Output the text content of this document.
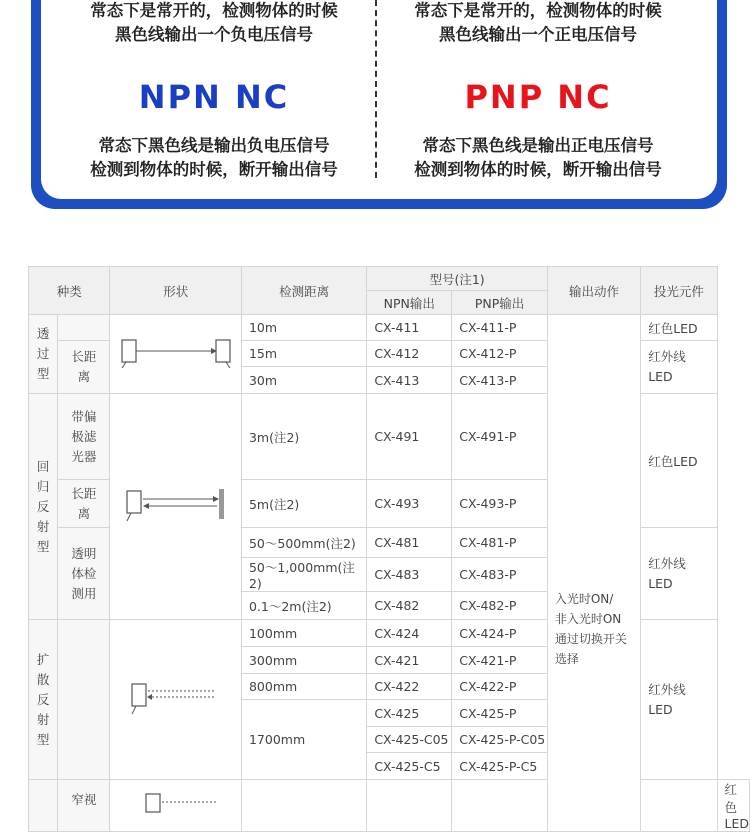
常态下是常开的，检测物体的时候
黑色线输出一个负电压信号
NPN NC
常态下黑色线是输出负电压信号
检测到物体的时候，断开输出信号
常态下是常开的，检测物体的时候
黑色线输出一个正电压信号
PNP NC
常态下黑色线是输出正电压信号
检测到物体的时候，断开输出信号
种类		形状	检测距离	型号(注1)		输出动作	投光元件	
				NPN输出	PNP输出			

透过型			10m	CX-411	CX-411-P	入光时ON/
非入光时ON
通过切换开关
选择	红色LED	

	长距离		15m	CX-412	CX-412-P		红外线LED	

			30m	CX-413	CX-413-P			

回归反射型	带偏极滤光器		3m(注2)	CX-491	CX-491-P		红色LED	

	长距离		5m(注2)	CX-493	CX-493-P			

	透明体检测用		50～500mm(注2)	CX-481	CX-481-P		红外线LED	

			50～1,000mm(注2)	CX-483	CX-483-P			
			0.1～2m(注2)	CX-482	CX-482-P			

扩散反射型			100mm	CX-424	CX-424-P		红外线LED	

			300mm	CX-421	CX-421-P			
			800mm	CX-422	CX-422-P			
			1700mm	CX-425	CX-425-P			
				CX-425-C05	CX-425-P-C05			
				CX-425-C5	CX-425-P-C5			

	窄视							红色LED
